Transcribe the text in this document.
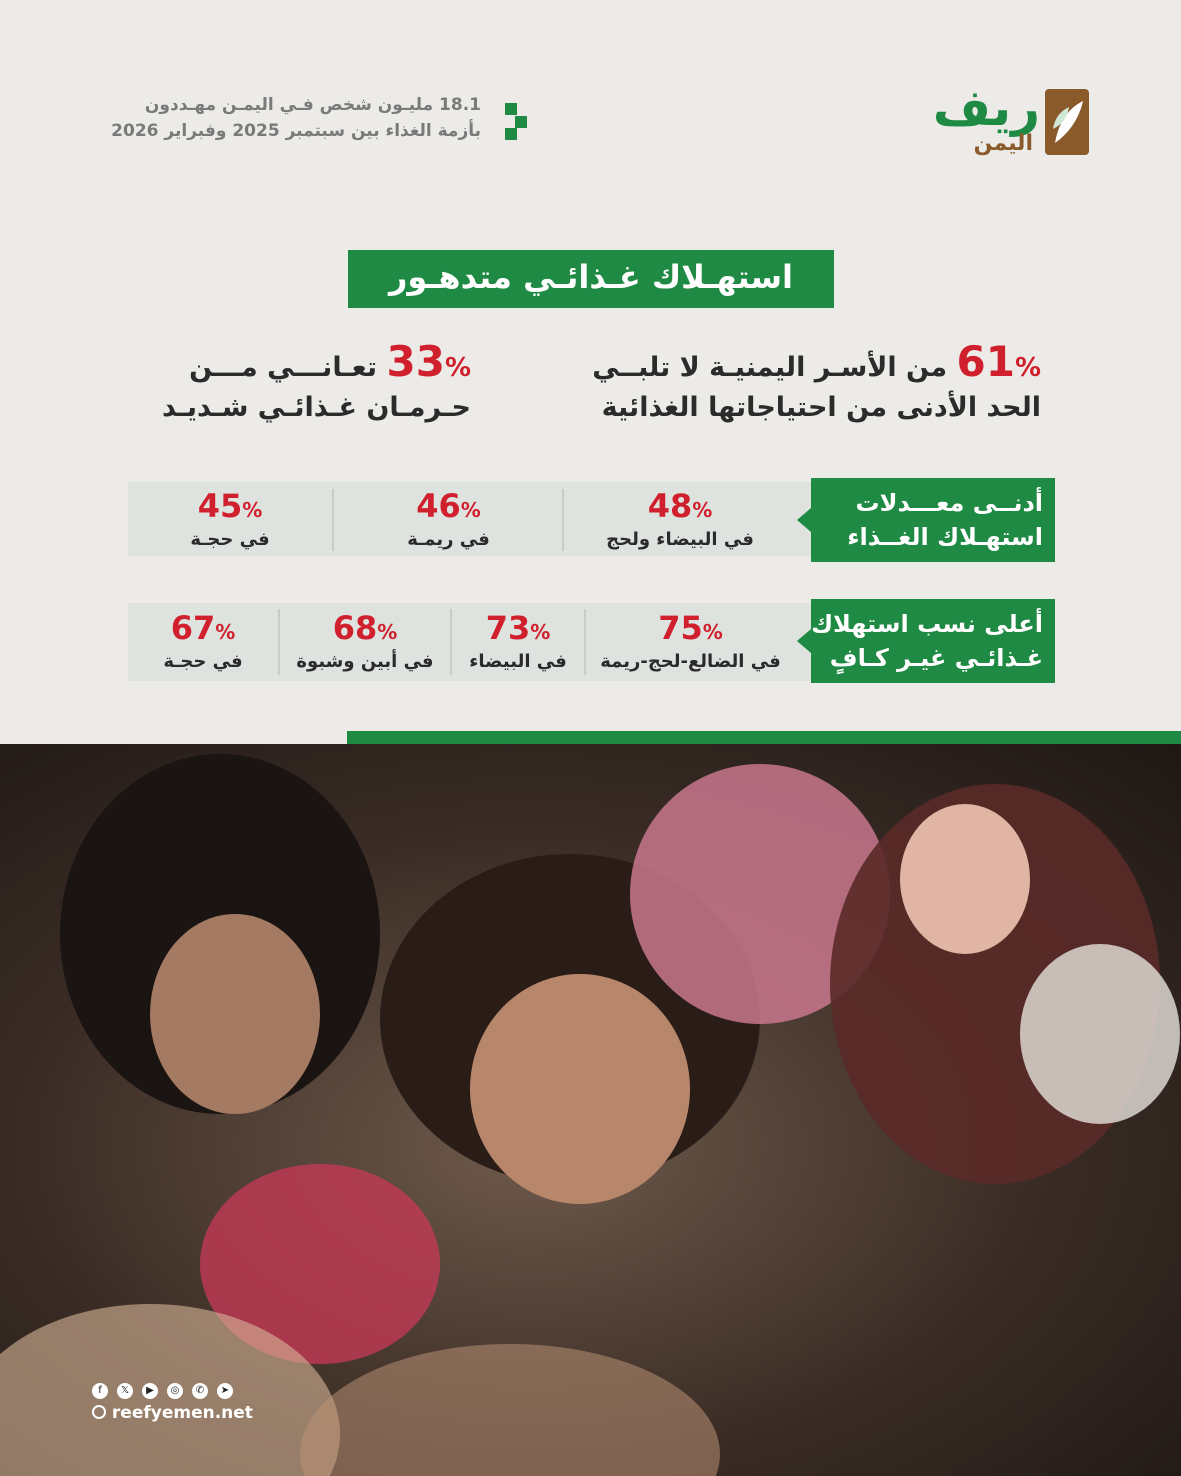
ريف
اليمن
18.1 مليـون شخص فـي اليمـن مهـددون
بأزمة الغذاء بين سبتمبر 2025 وفبراير 2026
استهـلاك غـذائـي متدهـور
61% من الأسـر اليمنيـة لا تلبــي
الحد الأدنى من احتياجاتها الغذائية
33% تعـانـــي مـــن
حـرمـان غـذائـي شـديـد
أدنــى معـــدلات
استهـلاك الغــذاء
48%
في البيضاء ولحج
46%
في ريمـة
45%
في حجـة
أعلى نسب استهلاك
غـذائـي غيـر كـافٍ
75%
في الضالع-لحج-ريمة
73%
في البيضاء
68%
في أبين وشبوة
67%
في حجـة
f	𝕏	▶	◎	✆	➤
reefyemen.net
